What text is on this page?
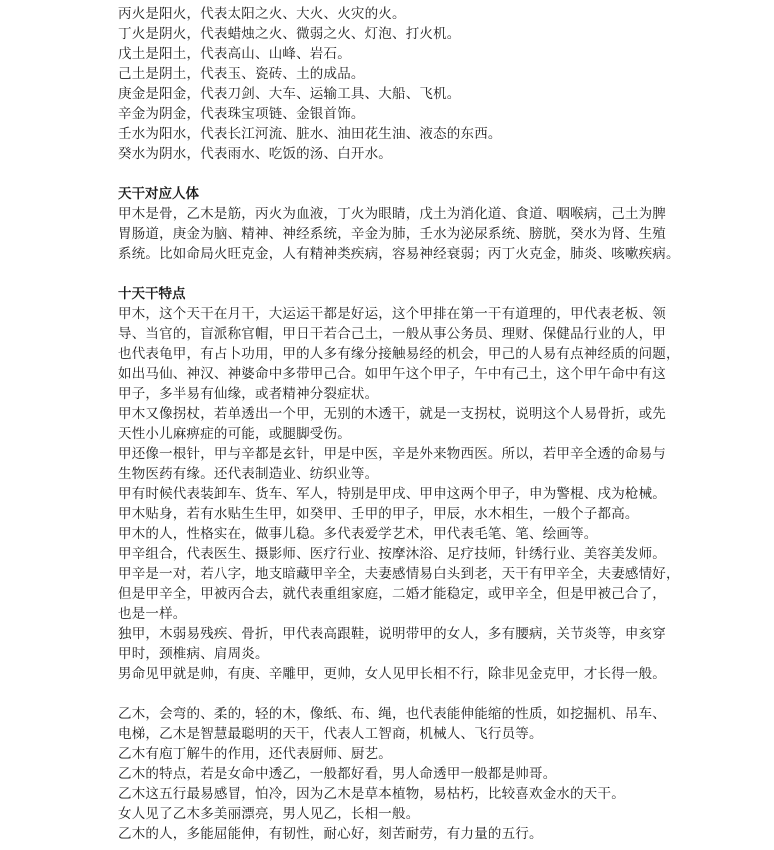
丙火是阳火，代表太阳之火、大火、火灾的火。
丁火是阴火，代表蜡烛之火、微弱之火、灯泡、打火机。
戊土是阳土，代表高山、山峰、岩石。
己土是阴土，代表玉、瓷砖、土的成品。
庚金是阳金，代表刀剑、大车、运输工具、大船、飞机。
辛金为阴金，代表珠宝项链、金银首饰。
壬水为阳水，代表长江河流、脏水、油田花生油、液态的东西。
癸水为阴水，代表雨水、吃饭的汤、白开水。
天干对应人体
甲木是骨，乙木是筋，丙火为血液，丁火为眼睛，戊土为消化道、食道、咽喉病，己土为脾
胃肠道，庚金为脑、精神、神经系统，辛金为肺，壬水为泌尿系统、膀胱，癸水为肾、生殖
系统。比如命局火旺克金，人有精神类疾病，容易神经衰弱；丙丁火克金，肺炎、咳嗽疾病。
十天干特点
甲木，这个天干在月干，大运运干都是好运，这个甲排在第一干有道理的，甲代表老板、领
导、当官的，盲派称官帽，甲日干若合己土，一般从事公务员、理财、保健品行业的人，甲
也代表龟甲，有占卜功用，甲的人多有缘分接触易经的机会，甲己的人易有点神经质的问题，
如出马仙、神汉、神婆命中多带甲己合。如甲午这个甲子，午中有己土，这个甲午命中有这
甲子，多半易有仙缘，或者精神分裂症状。
甲木又像拐杖，若单透出一个甲，无别的木透干，就是一支拐杖，说明这个人易骨折，或先
天性小儿麻痹症的可能，或腿脚受伤。
甲还像一根针，甲与辛都是玄针，甲是中医，辛是外来物西医。所以，若甲辛全透的命易与
生物医药有缘。还代表制造业、纺织业等。
甲有时候代表装卸车、货车、军人，特别是甲戌、甲申这两个甲子，申为警棍、戌为枪械。
甲木贴身，若有水贴生生甲，如癸甲、壬甲的甲子，甲辰，水木相生，一般个子都高。
甲木的人，性格实在，做事儿稳。多代表爱学艺术，甲代表毛笔、笔、绘画等。
甲辛组合，代表医生、摄影师、医疗行业、按摩沐浴、足疗技师，针绣行业、美容美发师。
甲辛是一对，若八字，地支暗藏甲辛全，夫妻感情易白头到老，天干有甲辛全，夫妻感情好，
但是甲辛全，甲被丙合去，就代表重组家庭，二婚才能稳定，或甲辛全，但是甲被己合了，
也是一样。
独甲，木弱易残疾、骨折，甲代表高跟鞋，说明带甲的女人，多有腰病，关节炎等，申亥穿
甲时，颈椎病、肩周炎。
男命见甲就是帅，有庚、辛雕甲，更帅，女人见甲长相不行，除非见金克甲，才长得一般。
乙木，会弯的、柔的，轻的木，像纸、布、绳，也代表能伸能缩的性质，如挖掘机、吊车、
电梯，乙木是智慧最聪明的天干，代表人工智商，机械人、飞行员等。
乙木有庖丁解牛的作用，还代表厨师、厨艺。
乙木的特点，若是女命中透乙，一般都好看，男人命透甲一般都是帅哥。
乙木这五行最易感冒，怕冷，因为乙木是草本植物，易枯朽，比较喜欢金水的天干。
女人见了乙木多美丽漂亮，男人见乙，长相一般。
乙木的人，多能屈能伸，有韧性，耐心好，刻苦耐劳，有力量的五行。
